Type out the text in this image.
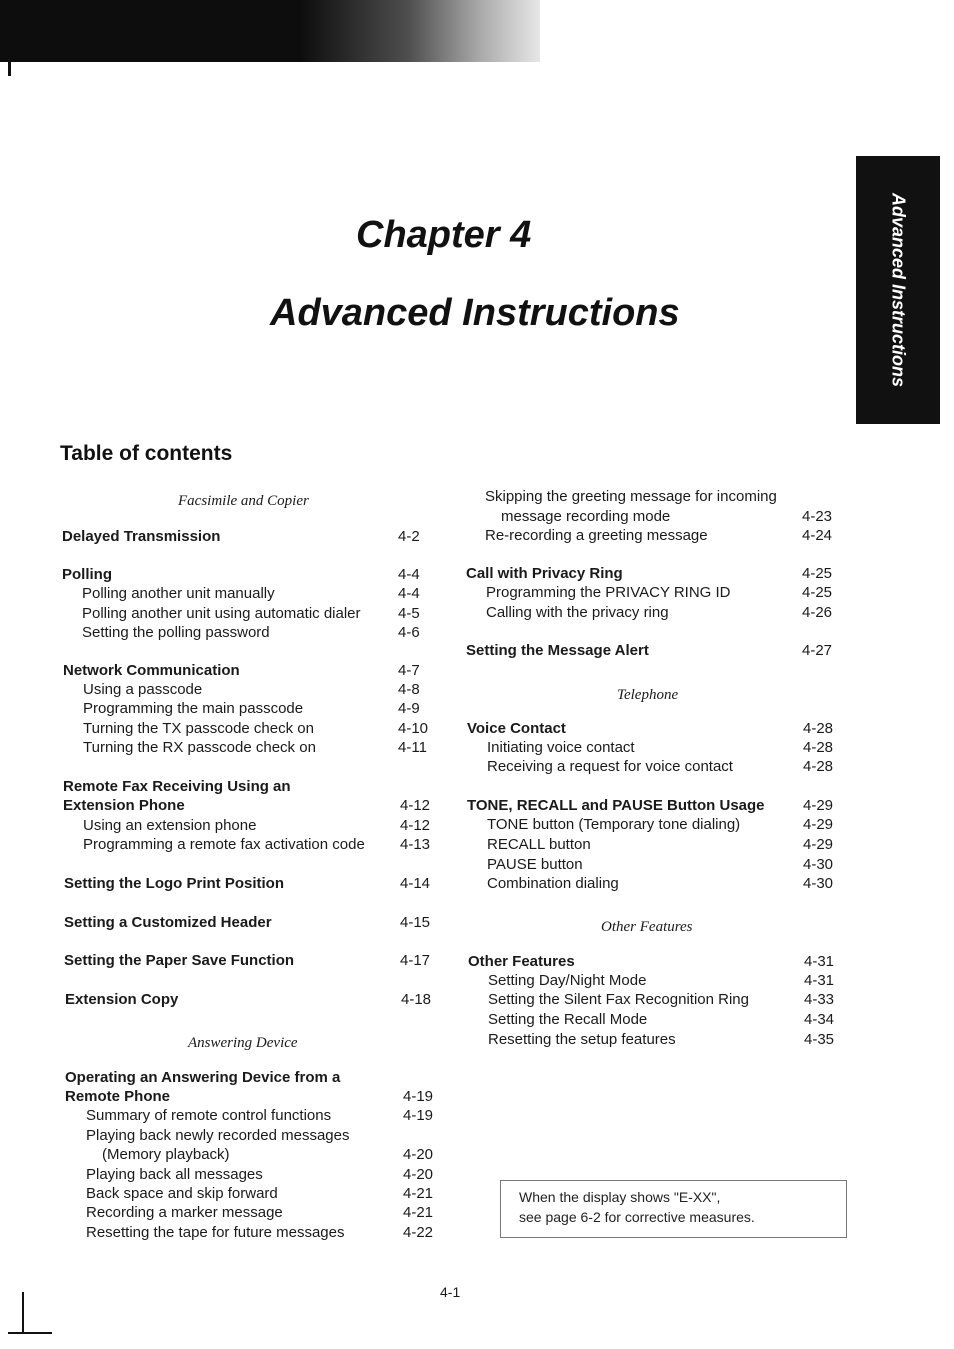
Advanced Instructions
Chapter 4
Advanced Instructions
Table of contents
Facsimile and Copier
Answering Device
Telephone
Other Features
Delayed Transmission	4-2
Polling	4-4
Polling another unit manually	4-4
Polling another unit using automatic dialer 4-5
Setting the polling password	4-6
Network Communication	4-7
Using a passcode	4-8
Programming the main passcode	4-9
Turning the TX passcode check on	4-10
Turning the RX passcode check on	4-11
Remote Fax Receiving Using an
Extension Phone	4-12
Using an extension phone	4-12
Programming a remote fax activation code 4-13
Setting the Logo Print Position	4-14
Setting a Customized Header	4-15
Setting the Paper Save Function	4-17
Extension Copy	4-18
Operating an Answering Device from a
Remote Phone	4-19
Summary of remote control functions	4-19
Playing back newly recorded messages
(Memory playback)	4-20
Playing back all messages	4-20
Back space and skip forward	4-21
Recording a marker message	4-21
Resetting the tape for future messages	4-22
Skipping the greeting message for incoming
message recording mode	4-23
Re-recording a greeting message	4-24
Call with Privacy Ring	4-25
Programming the PRIVACY RING ID	4-25
Calling with the privacy ring	4-26
Setting the Message Alert	4-27
Voice Contact	4-28
Initiating voice contact	4-28
Receiving a request for voice contact	4-28
TONE, RECALL and PAUSE Button Usage	4-29
TONE button (Temporary tone dialing)	4-29
RECALL button	4-29
PAUSE button	4-30
Combination dialing	4-30
Other Features	4-31
Setting Day/Night Mode	4-31
Setting the Silent Fax Recognition Ring	4-33
Setting the Recall Mode	4-34
Resetting the setup features	4-35
When the display shows "E-XX",
see page 6-2 for corrective measures.
4-1
